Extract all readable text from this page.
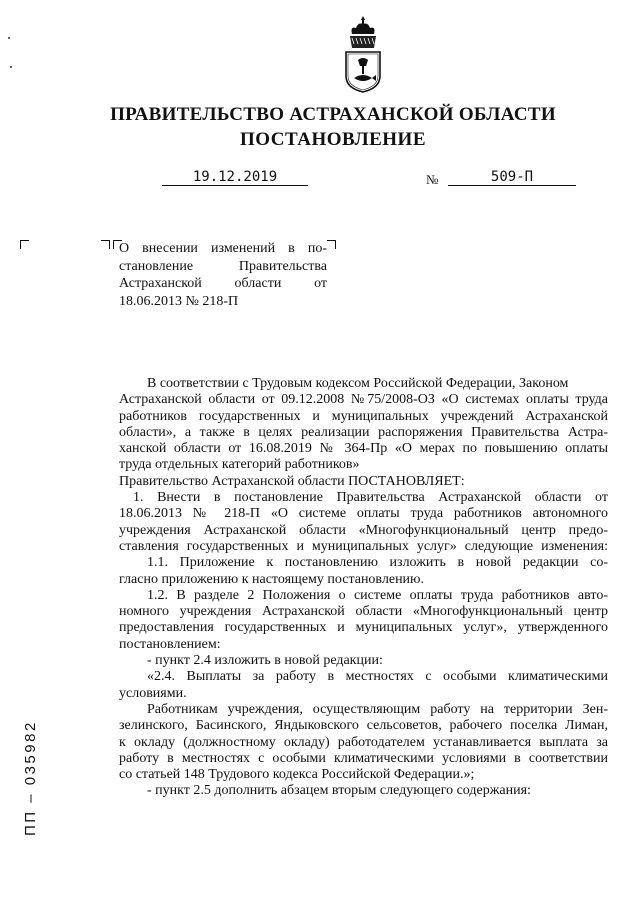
ПРАВИТЕЛЬСТВО АСТРАХАНСКОЙ ОБЛАСТИ
ПОСТАНОВЛЕНИЕ
19.12.2019	№	509-П
О внесении изменений в по-
становление Правительства
Астраханской области от
18.06.2013 № 218-П
В соответствии с Трудовым кодексом Российской Федерации, Законом
Астраханской области от 09.12.2008 №75/2008-ОЗ «О системах оплаты труда
работников государственных и муниципальных учреждений Астраханской
области», а также в целях реализации распоряжения Правительства Астра-
ханской области от 16.08.2019 № 364-Пр «О мерах по повышению оплаты
труда отдельных категорий работников»

Правительство Астраханской области ПОСТАНОВЛЯЕТ:

1. Внести в постановление Правительства Астраханской области от
18.06.2013 № 218-П «О системе оплаты труда работников автономного
учреждения Астраханской области «Многофункциональный центр предо-
ставления государственных и муниципальных услуг» следующие изменения:
1.1. Приложение к постановлению изложить в новой редакции со-
гласно приложению к настоящему постановлению.
1.2. В разделе 2 Положения о системе оплаты труда работников авто-
номного учреждения Астраханской области «Многофункциональный центр
предоставления государственных и муниципальных услуг», утвержденного
постановлением:

- пункт 2.4 изложить в новой редакции:

«2.4. Выплаты за работу в местностях с особыми климатическими
условиями.
Работникам учреждения, осуществляющим работу на территории Зен-
зелинского, Басинского, Яндыковского сельсоветов, рабочего поселка Лиман,
к окладу (должностному окладу) работодателем устанавливается выплата за
работу в местностях с особыми климатическими условиями в соответствии
со статьей 148 Трудового кодекса Российской Федерации.»;

- пункт 2.5 дополнить абзацем вторым следующего содержания:

ПП – 035982
